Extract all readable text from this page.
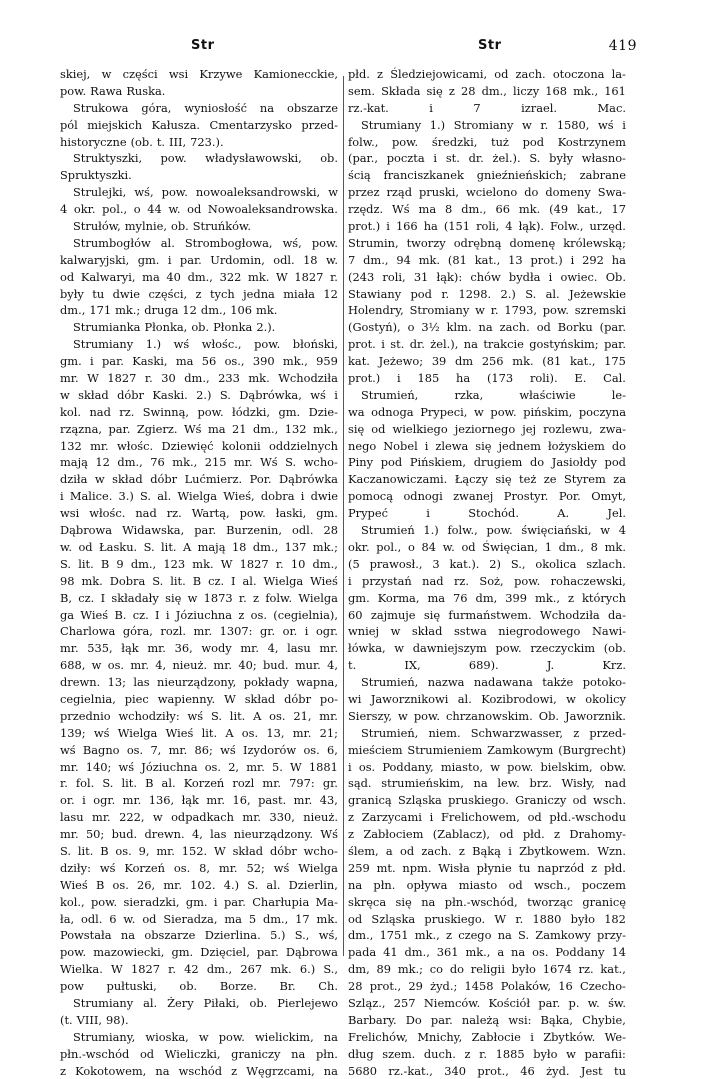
Str	Str	419
skiej, w części wsi Krzywe Kamionecckie,
pow. Rawa Ruska.
Strukowa góra, wyniosłość na obszarze
pól miejskich Kałusza. Cmentarzysko przed-
historyczne (ob. t. III, 723.).
Struktyszki, pow. władysławowski, ob.
Spruktyszki.
Strulejki, wś, pow. nowoaleksandrowski, w
4 okr. pol., o 44 w. od Nowoaleksandrowska.
Strułów, mylnie, ob. Struńków.
Strumbogłów al. Strombogłowa, wś, pow.
kalwaryjski, gm. i par. Urdomin, odl. 18 w.
od Kalwaryi, ma 40 dm., 322 mk. W 1827 r.
były tu dwie części, z tych jedna miała 12
dm., 171 mk.; druga 12 dm., 106 mk.
Strumianka Płonka, ob. Płonka 2.).
Strumiany 1.) wś włośc., pow. błoński,
gm. i par. Kaski, ma 56 os., 390 mk., 959
mr. W 1827 r. 30 dm., 233 mk. Wchodziła
w skład dóbr Kaski. 2.) S. Dąbrówka, wś i
kol. nad rz. Swinną, pow. łódzki, gm. Dzie-
rzązna, par. Zgierz. Wś ma 21 dm., 132 mk.,
132 mr. włośc. Dziewięć kolonii oddzielnych
mają 12 dm., 76 mk., 215 mr. Wś S. wcho-
dziła w skład dóbr Lućmierz. Por. Dąbrówka
i Malice. 3.) S. al. Wielga Wieś, dobra i dwie
wsi włośc. nad rz. Wartą, pow. łaski, gm.
Dąbrowa Widawska, par. Burzenin, odl. 28
w. od Łasku. S. lit. A mają 18 dm., 137 mk.;
S. lit. B 9 dm., 123 mk. W 1827 r. 10 dm.,
98 mk. Dobra S. lit. B cz. I al. Wielga Wieś
B, cz. I składały się w 1873 r. z folw. Wielga
ga Wieś B. cz. I i Józiuchna z os. (cegielnia),
Charlowa góra, rozl. mr. 1307: gr. or. i ogr.
mr. 535, łąk mr. 36, wody mr. 4, lasu mr.
688, w os. mr. 4, nieuż. mr. 40; bud. mur. 4,
drewn. 13; las nieurządzony, pokłady wapna,
cegielnia, piec wapienny. W skład dóbr po-
przednio wchodziły: wś S. lit. A os. 21, mr.
139; wś Wielga Wieś lit. A os. 13, mr. 21;
wś Bagno os. 7, mr. 86; wś Izydorów os. 6,
mr. 140; wś Józiuchna os. 2, mr. 5. W 1881
r. fol. S. lit. B al. Korzeń rozl mr. 797: gr.
or. i ogr. mr. 136, łąk mr. 16, past. mr. 43,
lasu mr. 222, w odpadkach mr. 330, nieuż.
mr. 50; bud. drewn. 4, las nieurządzony. Wś
S. lit. B os. 9, mr. 152. W skład dóbr wcho-
dziły: wś Korzeń os. 8, mr. 52; wś Wielga
Wieś B os. 26, mr. 102. 4.) S. al. Dzierlin,
kol., pow. sieradzki, gm. i par. Charłupia Ma-
ła, odl. 6 w. od Sieradza, ma 5 dm., 17 mk.
Powstała na obszarze Dzierlina. 5.) S., wś,
pow. mazowiecki, gm. Dzięciel, par. Dąbrowa
Wielka. W 1827 r. 42 dm., 267 mk. 6.) S.,
pow pułtuski, ob. Borze. Br. Ch.
Strumiany al. Żery Piłaki, ob. Pierlejewo
(t. VIII, 98).
Strumiany, wioska, w pow. wielickim, na
płn.-wschód od Wieliczki, graniczy na płn.
z Kokotowem, na wschód z Węgrzcami, na
płd. z Śledziejowicami, od zach. otoczona la-
sem. Składa się z 28 dm., liczy 168 mk., 161
rz.-kat.	i	7	izrael.	Mac.
Strumiany 1.) Stromiany w r. 1580, wś i
folw., pow. średzki, tuż pod Kostrzynem
(par., poczta i st. dr. żel.). S. były własno-
ścią franciszkanek gnieźnieńskich; zabrane
przez rząd pruski, wcielono do domeny Swa-
rzędz. Wś ma 8 dm., 66 mk. (49 kat., 17
prot.) i 166 ha (151 roli, 4 łąk). Folw., urzęd.
Strumin, tworzy odrębną domenę królewską;
7 dm., 94 mk. (81 kat., 13 prot.) i 292 ha
(243 roli, 31 łąk): chów bydła i owiec. Ob.
Stawiany pod r. 1298. 2.) S. al. Jeżewskie
Holendry, Stromiany w r. 1793, pow. szremski
(Gostyń), o 3½ klm. na zach. od Borku (par.
prot. i st. dr. żel.), na trakcie gostyńskim; par.
kat. Jeżewo; 39 dm 256 mk. (81 kat., 175
prot.) i 185 ha (173 roli). E. Cal.
Strumień,	rzka,	właściwie	le-
wa odnoga Prypeci, w pow. pińskim, poczyna
się od wielkiego jeziornego jej rozlewu, zwa-
nego Nobel i zlewa się jednem łożyskiem do
Piny pod Pińskiem, drugiem do Jasiołdy pod
Kaczanowiczami. Łączy się też ze Styrem za
pomocą odnogi zwanej Prostyr. Por. Omyt,
Prypeć	i	Stochód.	A.	Jel.
Strumień 1.) folw., pow. święciański, w 4
okr. pol., o 84 w. od Święcian, 1 dm., 8 mk.
(5 prawosł., 3 kat.). 2) S., okolica szlach.
i przystań nad rz. Soż, pow. rohaczewski,
gm. Korma, ma 76 dm, 399 mk., z których
60 zajmuje się furmaństwem. Wchodziła da-
wniej w skład sstwa niegrodowego Nawi-
łówka, w dawniejszym pow. rzeczyckim (ob.
t.	IX,	689).	J.	Krz.
Strumień, nazwa nadawana także potoko-
wi Jaworznikowi al. Kozibrodowi, w okolicy
Sierszy, w pow. chrzanowskim. Ob. Jaworznik.
Strumień, niem. Schwarzwasser, z przed-
mieściem Strumieniem Zamkowym (Burgrecht)
i os. Poddany, miasto, w pow. bielskim, obw.
sąd. strumieńskim, na lew. brz. Wisły, nad
granicą Szląska pruskiego. Graniczy od wsch.
z Zarzycami i Frelichowem, od płd.-wschodu
z Zabłociem (Zablacz), od płd. z Drahomy-
ślem, a od zach. z Bąką i Zbytkowem. Wzn.
259 mt. npm. Wisła płynie tu naprzód z płd.
na płn. opływa miasto od wsch., poczem
skręca się na płn.-wschód, tworząc granicę
od Szląska pruskiego. W r. 1880 było 182
dm., 1751 mk., z czego na S. Zamkowy przy-
pada 41 dm., 361 mk., a na os. Poddany 14
dm, 89 mk.; co do religii było 1674 rz. kat.,
28 prot., 29 żyd.; 1458 Polaków, 16 Czecho-
Szląz., 257 Niemców. Kościół par. p. w. św.
Barbary. Do par. należą wsi: Bąka, Chybie,
Frelichów, Mnichy, Zabłocie i Zbytków. We-
dług szem. duch. z r. 1885 było w parafii:
5680 rz.-kat., 340 prot., 46 żyd. Jest tu
